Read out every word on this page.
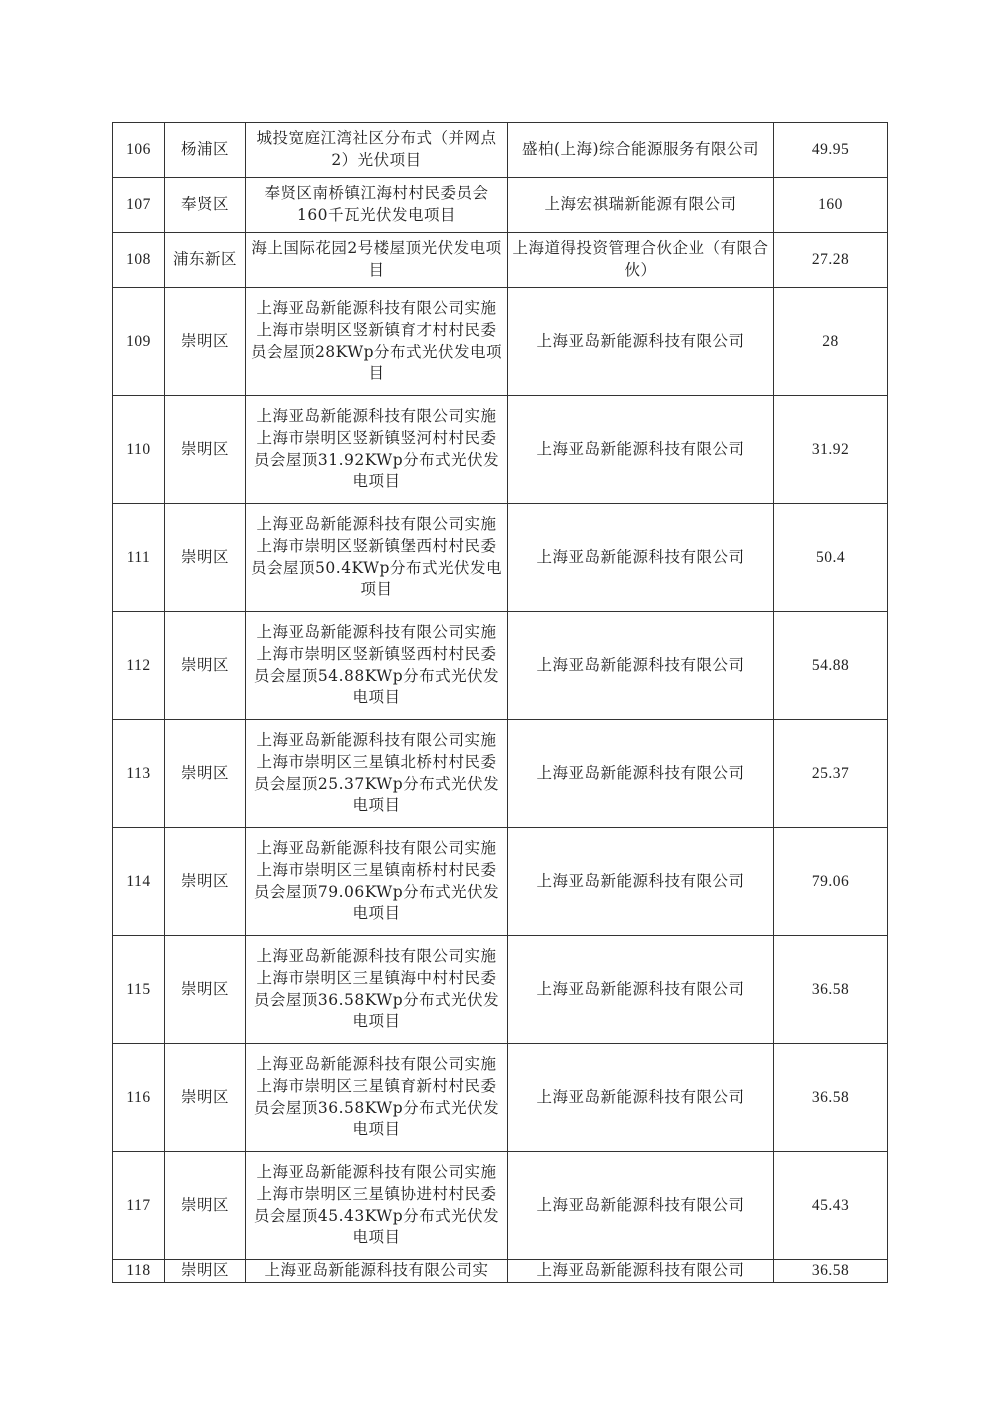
106	杨浦区	城投宽庭江湾社区分布式（并网点2）光伏项目	盛柏(上海)综合能源服务有限公司	49.95
107	奉贤区	奉贤区南桥镇江海村村民委员会160千瓦光伏发电项目	上海宏祺瑞新能源有限公司	160
108	浦东新区	海上国际花园2号楼屋顶光伏发电项目	上海道得投资管理合伙企业（有限合伙）	27.28
109	崇明区	上海亚岛新能源科技有限公司实施上海市崇明区竖新镇育才村村民委员会屋顶28KWp分布式光伏发电项目	上海亚岛新能源科技有限公司	28
110	崇明区	上海亚岛新能源科技有限公司实施上海市崇明区竖新镇竖河村村民委员会屋顶31.92KWp分布式光伏发电项目	上海亚岛新能源科技有限公司	31.92
111	崇明区	上海亚岛新能源科技有限公司实施上海市崇明区竖新镇堡西村村民委员会屋顶50.4KWp分布式光伏发电项目	上海亚岛新能源科技有限公司	50.4
112	崇明区	上海亚岛新能源科技有限公司实施上海市崇明区竖新镇竖西村村民委员会屋顶54.88KWp分布式光伏发电项目	上海亚岛新能源科技有限公司	54.88
113	崇明区	上海亚岛新能源科技有限公司实施上海市崇明区三星镇北桥村村民委员会屋顶25.37KWp分布式光伏发电项目	上海亚岛新能源科技有限公司	25.37
114	崇明区	上海亚岛新能源科技有限公司实施上海市崇明区三星镇南桥村村民委员会屋顶79.06KWp分布式光伏发电项目	上海亚岛新能源科技有限公司	79.06
115	崇明区	上海亚岛新能源科技有限公司实施上海市崇明区三星镇海中村村民委员会屋顶36.58KWp分布式光伏发电项目	上海亚岛新能源科技有限公司	36.58
116	崇明区	上海亚岛新能源科技有限公司实施上海市崇明区三星镇育新村村民委员会屋顶36.58KWp分布式光伏发电项目	上海亚岛新能源科技有限公司	36.58
117	崇明区	上海亚岛新能源科技有限公司实施上海市崇明区三星镇协进村村民委员会屋顶45.43KWp分布式光伏发电项目	上海亚岛新能源科技有限公司	45.43
118	崇明区	上海亚岛新能源科技有限公司实	上海亚岛新能源科技有限公司	36.58
